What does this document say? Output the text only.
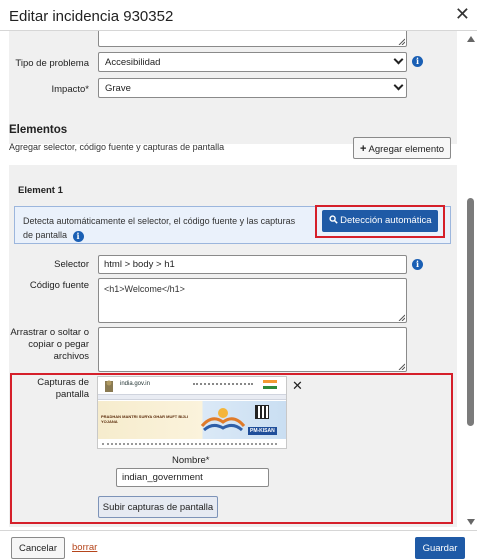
Editar incidencia 930352	✕
Tipo de problema	Accesibilidad	i
Impacto*	Grave
Elementos
Agregar selector, código fuente y capturas de pantalla	+ Agregar elemento
Element 1
Detecta automáticamente el selector, el código fuente y las capturas
de pantalla i
Detección automática
Selector	html > body > h1	i
Código fuente <h1>Welcome</h1>
Arrastrar o soltar o
copiar o pegar
archivos
Capturas de
pantalla
india.gov.in
PRADHAN MANTRI SURYA GHAR MUFT BIJLI YOJANA
PM-KISAN
✕
Nombre*
indian_government
Subir capturas de pantalla
Cancelar	borrar	Guardar
